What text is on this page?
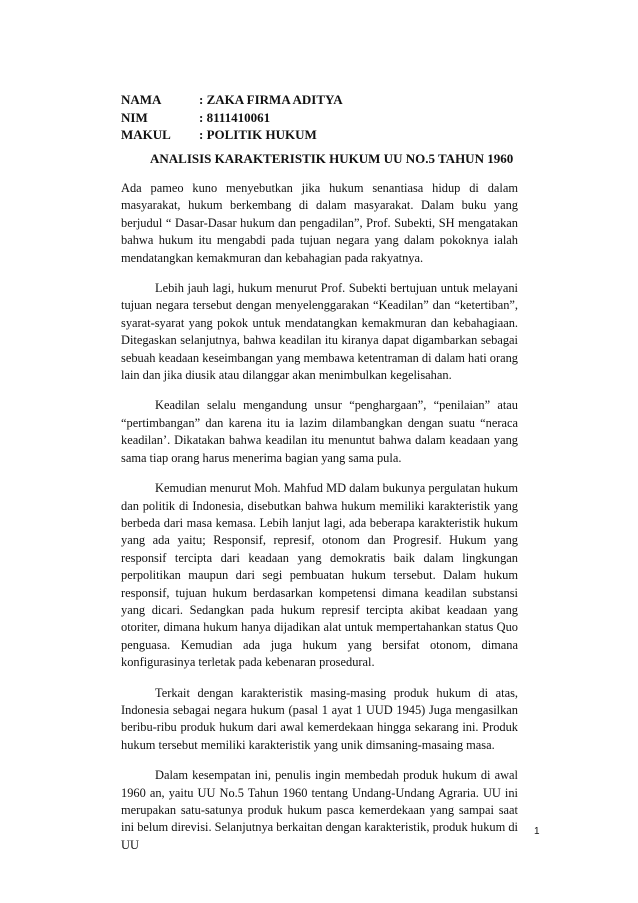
NAMA	: ZAKA FIRMA ADITYA
NIM	: 8111410061
MAKUL	: POLITIK HUKUM
ANALISIS KARAKTERISTIK HUKUM UU NO.5 TAHUN 1960

Ada pameo kuno menyebutkan jika hukum senantiasa hidup di dalam masyarakat, hukum berkembang di dalam masyarakat. Dalam buku yang berjudul “ Dasar-Dasar hukum dan pengadilan”, Prof. Subekti, SH mengatakan bahwa hukum itu mengabdi pada tujuan negara yang dalam pokoknya ialah mendatangkan kemakmuran dan kebahagian pada rakyatnya.

Lebih jauh lagi, hukum menurut Prof. Subekti bertujuan untuk melayani tujuan negara tersebut dengan menyelenggarakan “Keadilan” dan “ketertiban”, syarat-syarat yang pokok untuk mendatangkan kemakmuran dan kebahagiaan. Ditegaskan selanjutnya, bahwa keadilan itu kiranya dapat digambarkan sebagai sebuah keadaan keseimbangan yang membawa ketentraman di dalam hati orang lain dan jika diusik atau dilanggar akan menimbulkan kegelisahan.

Keadilan selalu mengandung unsur “penghargaan”, “penilaian” atau “pertimbangan” dan karena itu ia lazim dilambangkan dengan suatu “neraca keadilan’. Dikatakan bahwa keadilan itu menuntut bahwa dalam keadaan yang sama tiap orang harus menerima bagian yang sama pula.

Kemudian menurut Moh. Mahfud MD dalam bukunya pergulatan hukum dan politik di Indonesia, disebutkan bahwa hukum memiliki karakteristik yang berbeda dari masa kemasa. Lebih lanjut lagi, ada beberapa karakteristik hukum yang ada yaitu; Responsif, represif, otonom dan Progresif. Hukum yang responsif tercipta dari keadaan yang demokratis baik dalam lingkungan perpolitikan maupun dari segi pembuatan hukum tersebut. Dalam hukum responsif, tujuan hukum berdasarkan kompetensi dimana keadilan substansi yang dicari. Sedangkan pada hukum represif tercipta akibat keadaan yang otoriter, dimana hukum hanya dijadikan alat untuk mempertahankan status Quo penguasa. Kemudian ada juga hukum yang bersifat otonom, dimana konfigurasinya terletak pada kebenaran prosedural.

Terkait dengan karakteristik masing-masing produk hukum di atas, Indonesia sebagai negara hukum (pasal 1 ayat 1 UUD 1945) Juga mengasilkan beribu-ribu produk hukum dari awal kemerdekaan hingga sekarang ini. Produk hukum tersebut memiliki karakteristik yang unik dimsaning-masaing masa.

Dalam kesempatan ini, penulis ingin membedah produk hukum di awal 1960 an, yaitu UU No.5 Tahun 1960 tentang Undang-Undang Agraria. UU ini merupakan satu-satunya produk hukum pasca kemerdekaan yang sampai saat ini belum direvisi. Selanjutnya berkaitan dengan karakteristik, produk hukum di UU

1
